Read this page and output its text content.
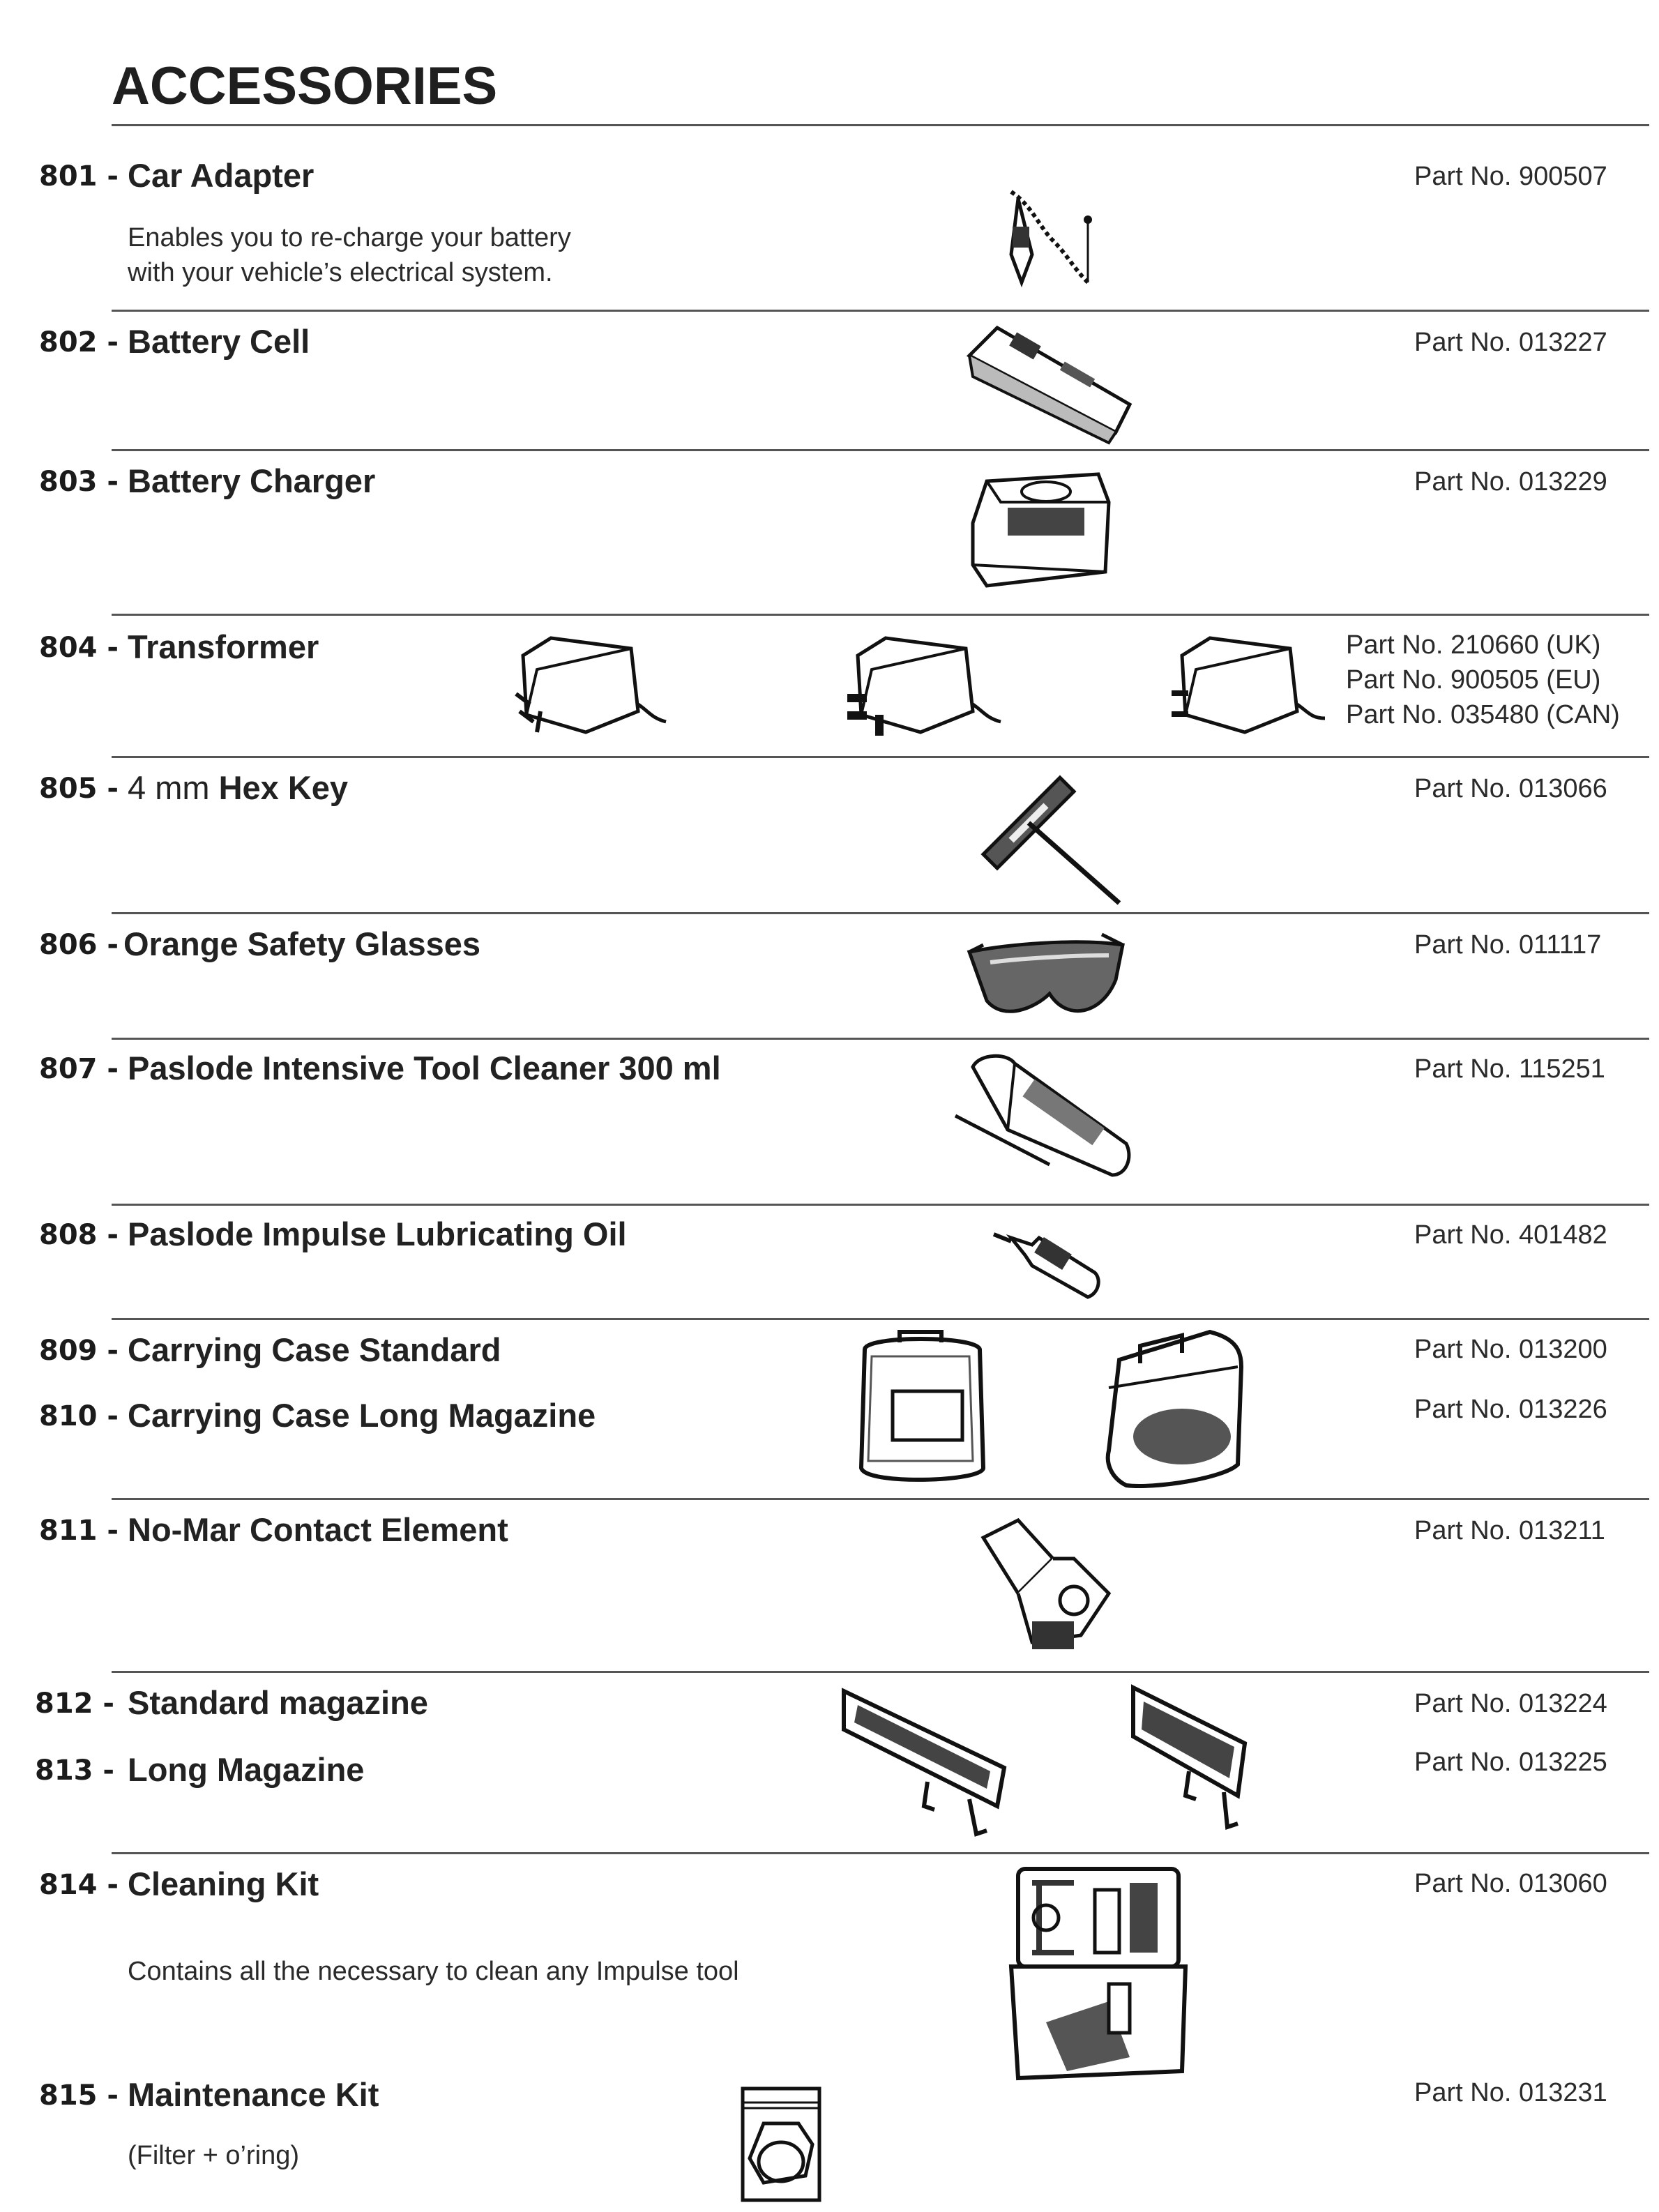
ACCESSORIES
801 - Car Adapter
Enables you to re-charge your battery
with your vehicle’s electrical system.
Part No. 900507
802 - Battery Cell	Part No. 013227
803 - Battery Charger	Part No. 013229
804 - Transformer	Part No. 210660 (UK)
Part No. 900505 (EU)
Part No. 035480 (CAN)
805 - 4 mm Hex Key	Part No. 013066
806 - Orange Safety Glasses	Part No. 011117
807 - Paslode Intensive Tool Cleaner 300 ml	Part No. 115251
808 - Paslode Impulse Lubricating Oil	Part No. 401482
809 - Carrying Case Standard	Part No. 013200
810 - Carrying Case Long Magazine	Part No. 013226
811 - No-Mar Contact Element	Part No. 013211
812 - Standard magazine	Part No. 013224
813 - Long Magazine	Part No. 013225
814 - Cleaning Kit
Contains all the necessary to clean any Impulse tool
Part No. 013060
815 - Maintenance Kit
(Filter + o’ring)
Part No. 013231
